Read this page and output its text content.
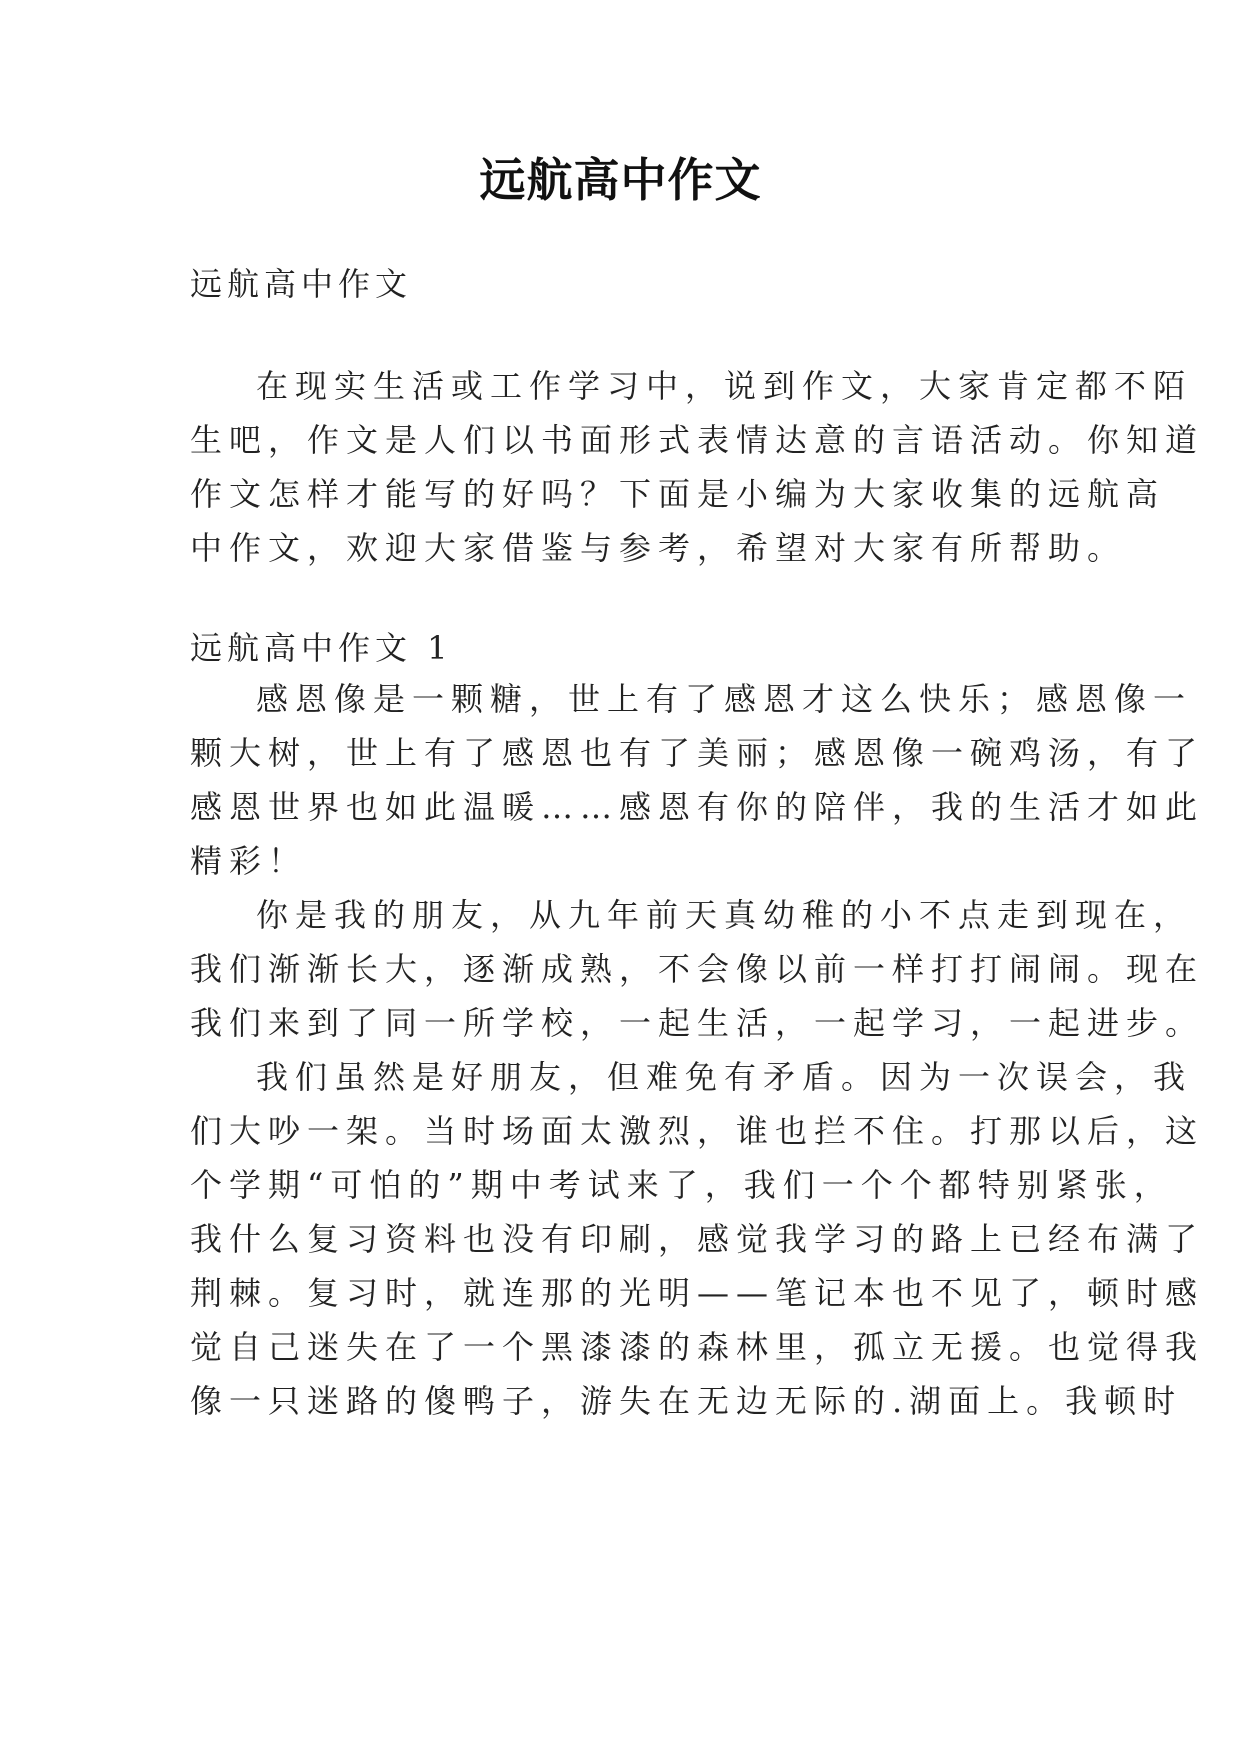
远航高中作文
远航高中作文
在现实生活或工作学习中，说到作文，大家肯定都不陌
生吧，作文是人们以书面形式表情达意的言语活动。你知道
作文怎样才能写的好吗？下面是小编为大家收集的远航高
中作文，欢迎大家借鉴与参考，希望对大家有所帮助。
远航高中作文 1
感恩像是一颗糖，世上有了感恩才这么快乐；感恩像一
颗大树，世上有了感恩也有了美丽；感恩像一碗鸡汤，有了
感恩世界也如此温暖……感恩有你的陪伴，我的生活才如此
精彩！
你是我的朋友，从九年前天真幼稚的小不点走到现在，
我们渐渐长大，逐渐成熟，不会像以前一样打打闹闹。现在
我们来到了同一所学校，一起生活，一起学习，一起进步。
我们虽然是好朋友，但难免有矛盾。因为一次误会，我
们大吵一架。当时场面太激烈，谁也拦不住。打那以后，这
个学期“可怕的”期中考试来了，我们一个个都特别紧张，
我什么复习资料也没有印刷，感觉我学习的路上已经布满了
荆棘。复习时，就连那的光明——笔记本也不见了，顿时感
觉自己迷失在了一个黑漆漆的森林里，孤立无援。也觉得我
像一只迷路的傻鸭子，游失在无边无际的.湖面上。我顿时
